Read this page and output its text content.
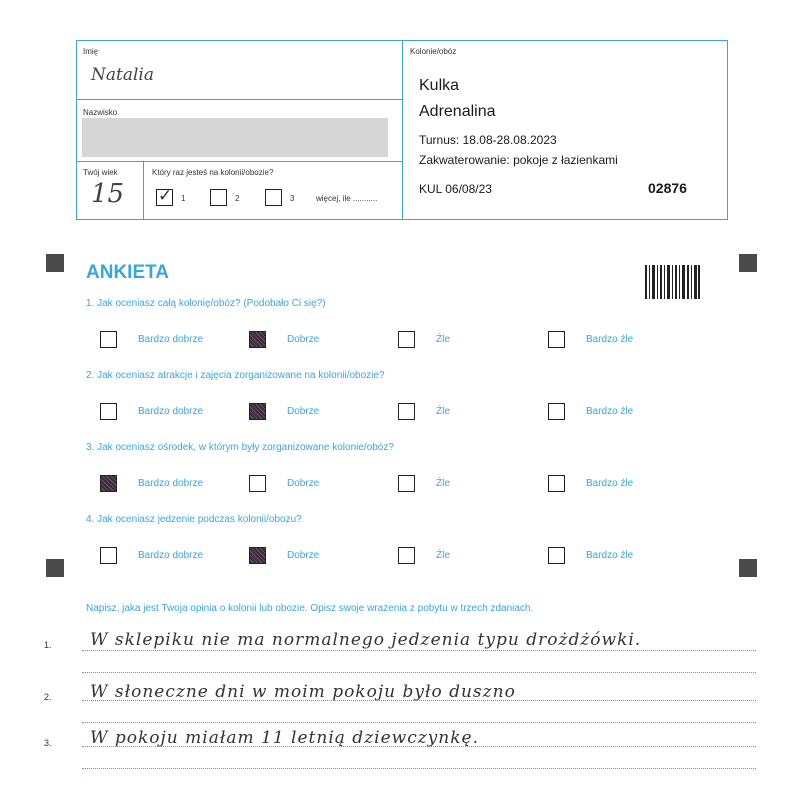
Imię
Natalia
Nazwisko
Twój wiek
15
Który raz jesteś na kolonii/obozie?
✓
1	2	3	więcej, ile ...........
Kolonie/obóz
Kulka
Adrenalina
Turnus: 18.08-28.08.2023
Zakwaterowanie: pokoje z łazienkami
KUL 06/08/23	02876
ANKIETA
1. Jak oceniasz całą kolonię/obóz? (Podobało Ci się?)
Bardzo dobrze	Dobrze	Źle	Bardzo źle
2. Jak oceniasz atrakcje i zajęcia zorganizowane na kolonii/obozie?
Bardzo dobrze	Dobrze	Źle	Bardzo źle
3. Jak oceniasz ośrodek, w którym były zorganizowane kolonie/obóz?
Bardzo dobrze	Dobrze	Źle	Bardzo źle
4. Jak oceniasz jedzenie podczas kolonii/obozu?
Bardzo dobrze	Dobrze	Źle	Bardzo źle
Napisz, jaka jest Twoja opinia o kolonii lub obozie. Opisz swoje wrażenia z pobytu w trzech zdaniach.
1. W sklepiku nie ma normalnego jedzenia typu drożdżówki.
2. W słoneczne dni w moim pokoju było duszno
3. W pokoju miałam 11 letnią dziewczynkę.
